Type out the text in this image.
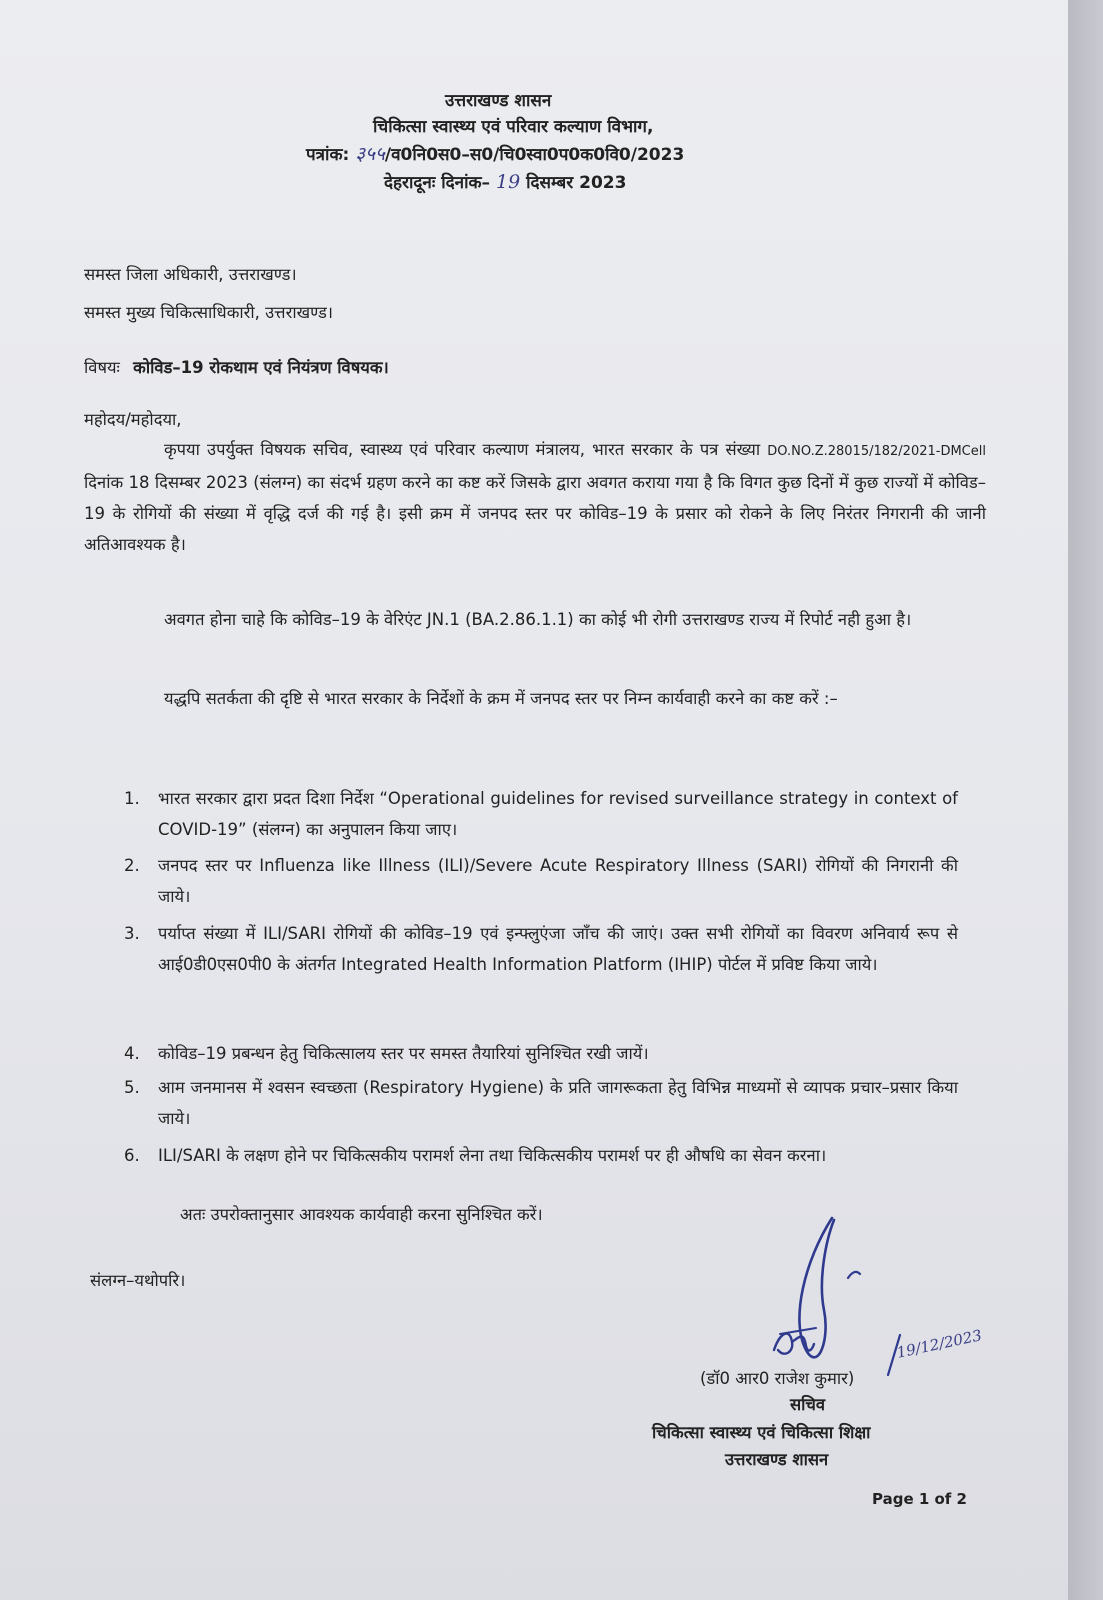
उत्तराखण्ड शासन
चिकित्सा स्वास्थ्य एवं परिवार कल्याण विभाग,
पत्रांक: ३५५/व0नि0स0–स0/चि0स्वा0प0क0वि0/2023
देहरादूनः दिनांक– 19 दिसम्बर 2023
समस्त जिला अधिकारी, उत्तराखण्ड।
समस्त मुख्य चिकित्साधिकारी, उत्तराखण्ड।
विषयः कोविड–19 रोकथाम एवं नियंत्रण विषयक।
महोदय/महोदया,
कृपया उपर्युक्त विषयक सचिव, स्वास्थ्य एवं परिवार कल्याण मंत्रालय, भारत सरकार के पत्र संख्या DO.NO.Z.28015/182/2021-DMCell दिनांक 18 दिसम्बर 2023 (संलग्न) का संदर्भ ग्रहण करने का कष्ट करें जिसके द्वारा अवगत कराया गया है कि विगत कुछ दिनों में कुछ राज्यों में कोविड–19 के रोगियों की संख्या में वृद्धि दर्ज की गई है। इसी क्रम में जनपद स्तर पर कोविड–19 के प्रसार को रोकने के लिए निरंतर निगरानी की जानी अतिआवश्यक है।
अवगत होना चाहे कि कोविड–19 के वेरिएंट JN.1 (BA.2.86.1.1) का कोई भी रोगी उत्तराखण्ड राज्य में रिपोर्ट नही हुआ है।
यद्धपि सतर्कता की दृष्टि से भारत सरकार के निर्देशों के क्रम में जनपद स्तर पर निम्न कार्यवाही करने का कष्ट करें :–
1.	भारत सरकार द्वारा प्रदत दिशा निर्देश “Operational guidelines for revised surveillance strategy in context of COVID-19” (संलग्न) का अनुपालन किया जाए।
2.	जनपद स्तर पर Influenza like Illness (ILI)/Severe Acute Respiratory Illness (SARI) रोगियों की निगरानी की जाये।
3.	पर्याप्त संख्या में ILI/SARI रोगियों की कोविड–19 एवं इन्फ्लुएंजा जाँच की जाएं। उक्त सभी रोगियों का विवरण अनिवार्य रूप से आई0डी0एस0पी0 के अंतर्गत Integrated Health Information Platform (IHIP) पोर्टल में प्रविष्ट किया जाये।
4.	कोविड–19 प्रबन्धन हेतु चिकित्सालय स्तर पर समस्त तैयारियां सुनिश्चित रखी जायें।
5.	आम जनमानस में श्वसन स्वच्छता (Respiratory Hygiene) के प्रति जागरूकता हेतु विभिन्न माध्यमों से व्यापक प्रचार–प्रसार किया जाये।
6.	ILI/SARI के लक्षण होने पर चिकित्सकीय परामर्श लेना तथा चिकित्सकीय परामर्श पर ही औषधि का सेवन करना।
अतः उपरोक्तानुसार आवश्यक कार्यवाही करना सुनिश्चित करें।
संलग्न–यथोपरि।
19/12/2023
(डॉ0 आर0 राजेश कुमार)
सचिव
चिकित्सा स्वास्थ्य एवं चिकित्सा शिक्षा
उत्तराखण्ड शासन
Page 1 of 2
